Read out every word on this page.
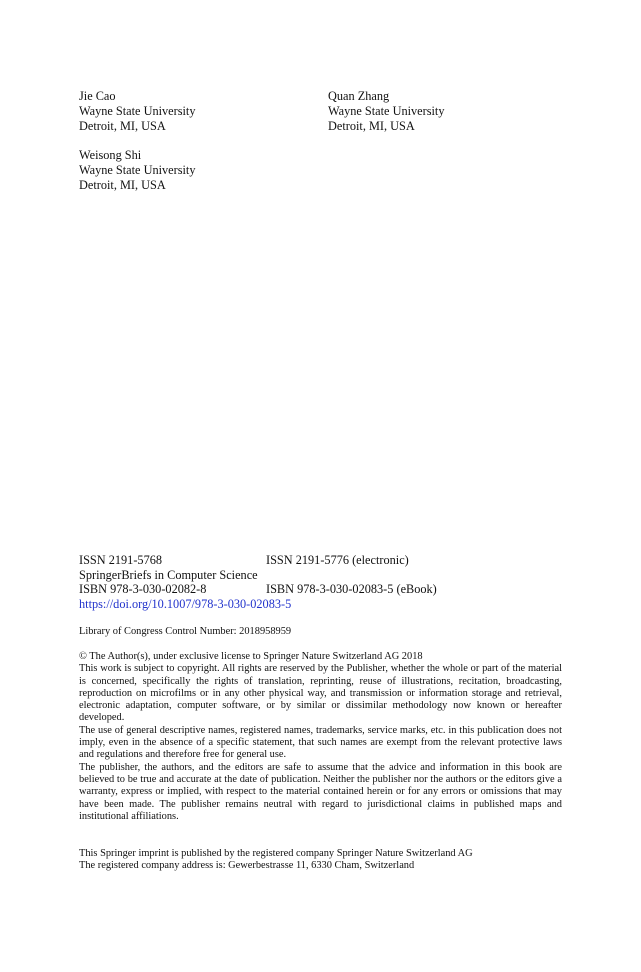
Jie Cao
Wayne State University
Detroit, MI, USA
Quan Zhang
Wayne State University
Detroit, MI, USA
Weisong Shi
Wayne State University
Detroit, MI, USA
ISSN 2191-5768	ISSN 2191-5776 (electronic)
SpringerBriefs in Computer Science
ISBN 978-3-030-02082-8	ISBN 978-3-030-02083-5 (eBook)
https://doi.org/10.1007/978-3-030-02083-5
Library of Congress Control Number: 2018958959

© The Author(s), under exclusive license to Springer Nature Switzerland AG 2018

This work is subject to copyright. All rights are reserved by the Publisher, whether the whole or part of the material is concerned, specifically the rights of translation, reprinting, reuse of illustrations, recitation, broadcasting, reproduction on microfilms or in any other physical way, and transmission or information storage and retrieval, electronic adaptation, computer software, or by similar or dissimilar methodology now known or hereafter developed.

The use of general descriptive names, registered names, trademarks, service marks, etc. in this publication does not imply, even in the absence of a specific statement, that such names are exempt from the relevant protective laws and regulations and therefore free for general use.

The publisher, the authors, and the editors are safe to assume that the advice and information in this book are believed to be true and accurate at the date of publication. Neither the publisher nor the authors or the editors give a warranty, express or implied, with respect to the material contained herein or for any errors or omissions that may have been made. The publisher remains neutral with regard to jurisdictional claims in published maps and institutional affiliations.

This Springer imprint is published by the registered company Springer Nature Switzerland AG
The registered company address is: Gewerbestrasse 11, 6330 Cham, Switzerland
